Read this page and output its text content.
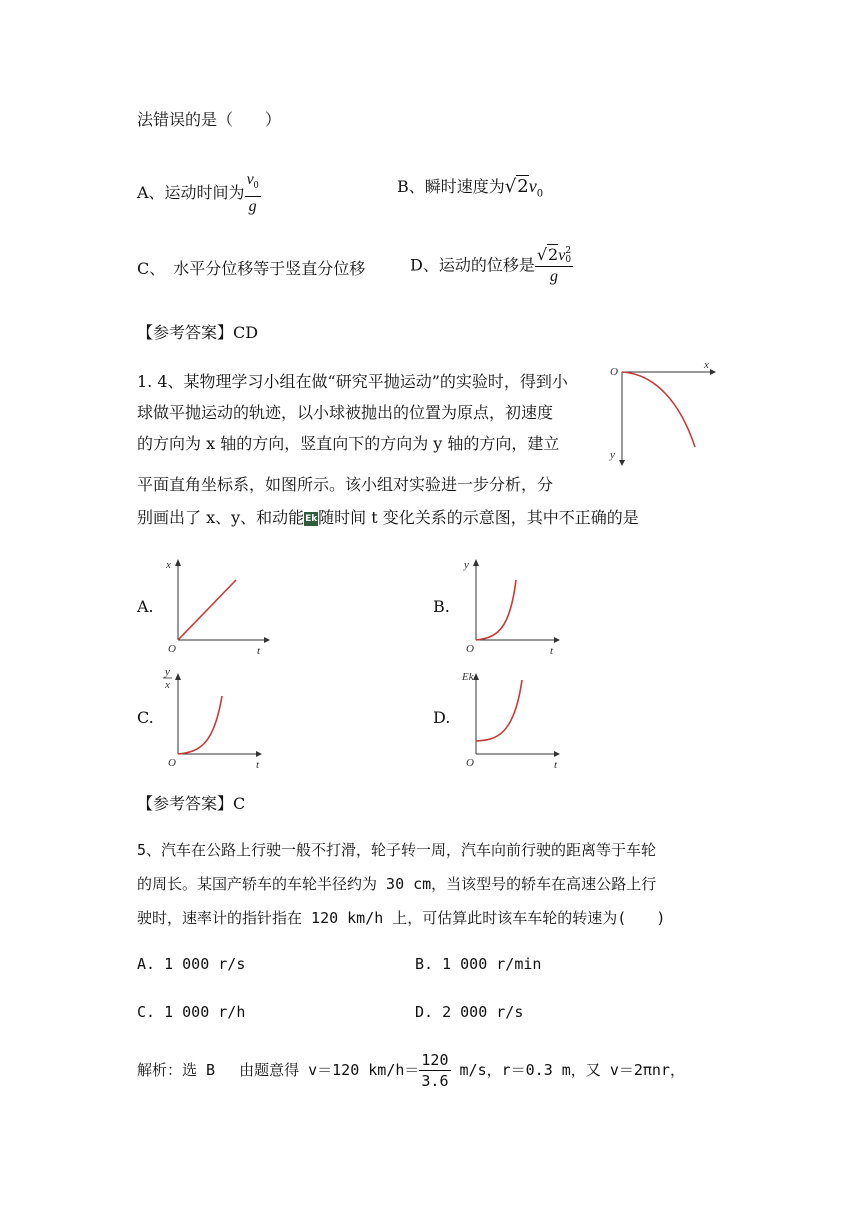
法错误的是（　　）
A、运动时间为 $\frac{v_0}{g}$	B、瞬时速度为$√2v_0$
C、　水平分位移等于竖直分位移	D、运动的位移是 √2v 2
0
g
【参考答案】CD
1. 4、某物理学习小组在做“研究平抛运动”的实验时，得到小
球做平抛运动的轨迹，以小球被抛出的位置为原点，初速度
的方向为 x 轴的方向，竖直向下的方向为 y 轴的方向，建立
平面直角坐标系，如图所示。该小组对实验进一步分析，分
别画出了 x、y、和动能Ek随时间 t 变化关系的示意图，其中不正确的是
O
x
y
A.
x
O	t
B.
y
O	t
C.
y
x
O	t
D.
Ek
O	t
【参考答案】C
5、汽车在公路上行驶一般不打滑，轮子转一周，汽车向前行驶的距离等于车轮
的周长。某国产轿车的车轮半径约为 30 cm，当该型号的轿车在高速公路上行
驶时，速率计的指针指在 120 km/h 上，可估算此时该车车轮的转速为(　　)
A. 1 000 r/s	B. 1 000 r/min
C. 1 000 r/h	D. 2 000 r/s
解析：选 B　 由题意得 v＝120 $km/h= \frac{120}{3.6} m/s$，r＝0.3 m，又 v＝2πnr，
